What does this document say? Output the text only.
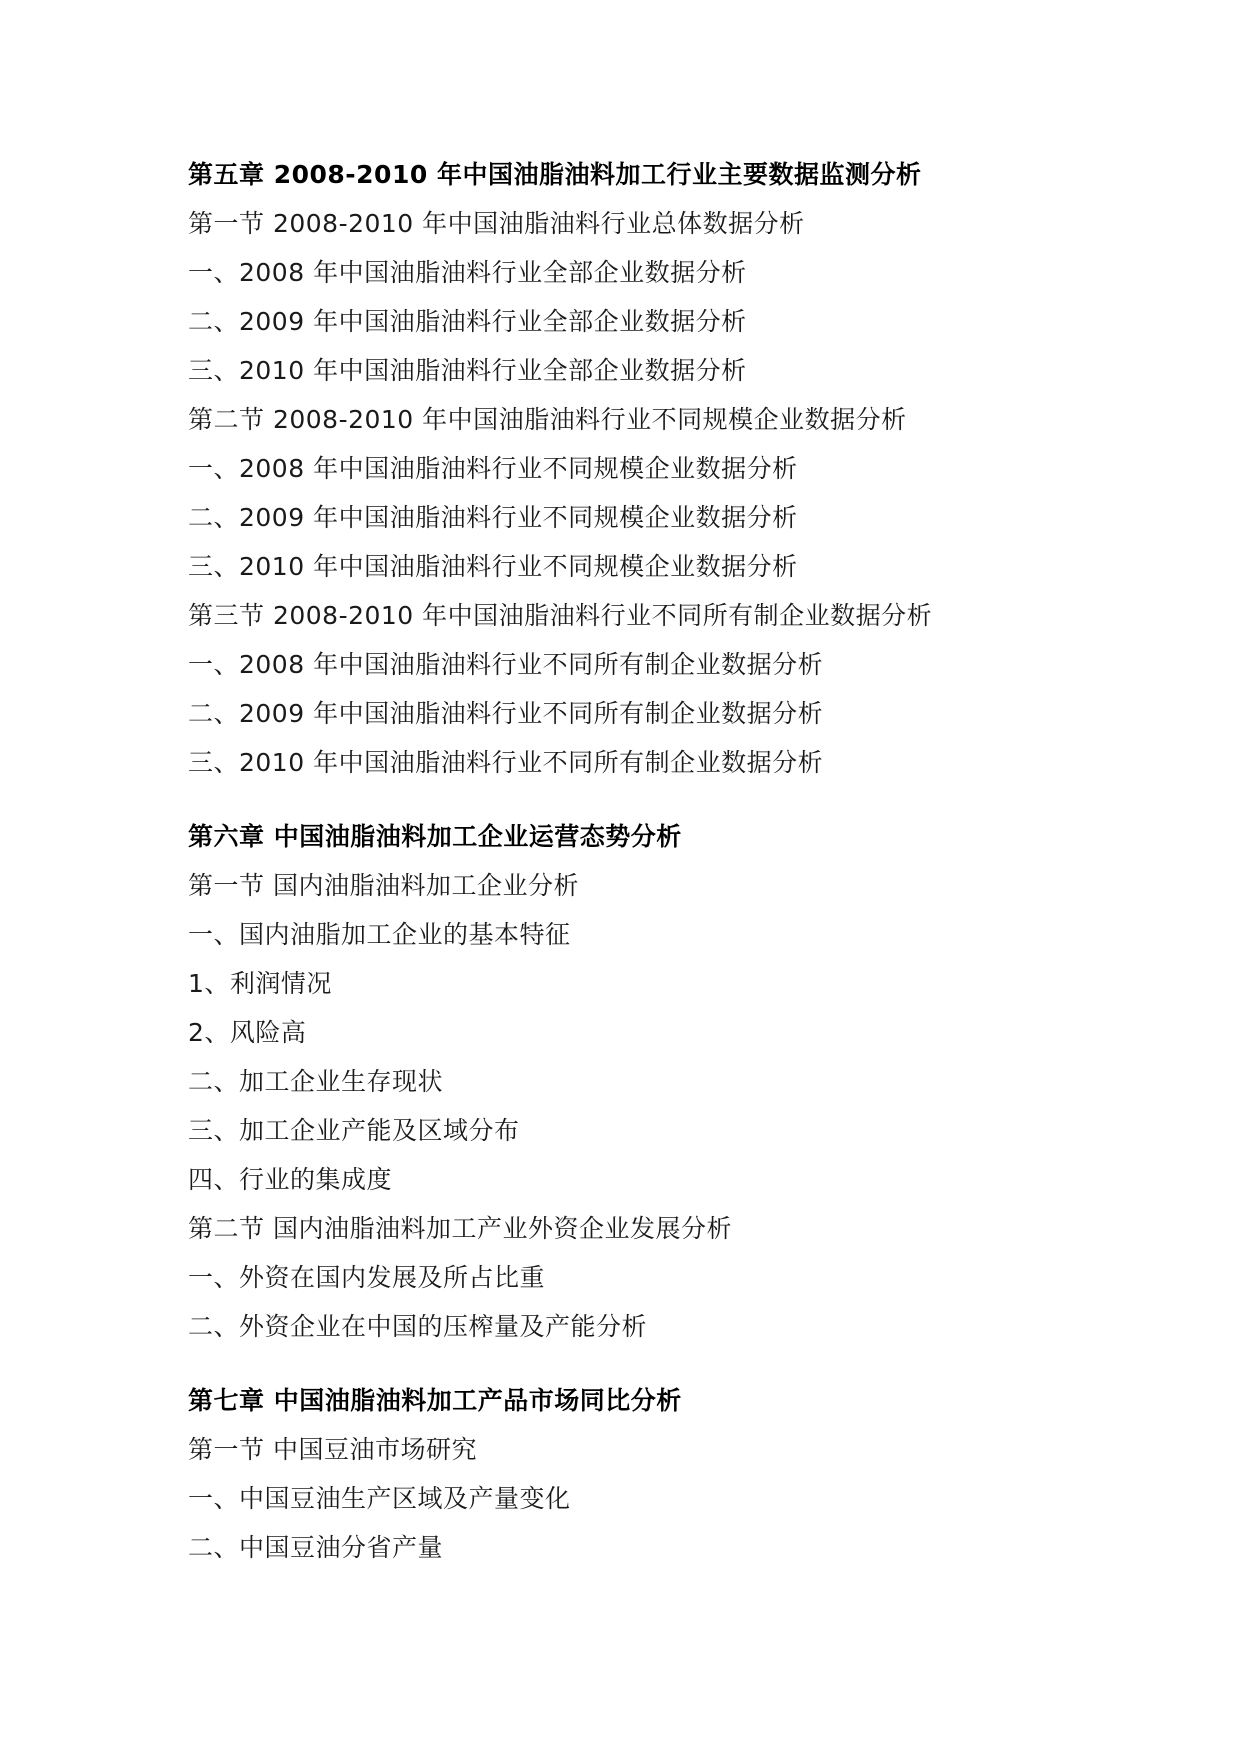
第五章 2008-2010 年中国油脂油料加工行业主要数据监测分析
第一节 2008-2010 年中国油脂油料行业总体数据分析
一、2008 年中国油脂油料行业全部企业数据分析
二、2009 年中国油脂油料行业全部企业数据分析
三、2010 年中国油脂油料行业全部企业数据分析
第二节 2008-2010 年中国油脂油料行业不同规模企业数据分析
一、2008 年中国油脂油料行业不同规模企业数据分析
二、2009 年中国油脂油料行业不同规模企业数据分析
三、2010 年中国油脂油料行业不同规模企业数据分析
第三节 2008-2010 年中国油脂油料行业不同所有制企业数据分析
一、2008 年中国油脂油料行业不同所有制企业数据分析
二、2009 年中国油脂油料行业不同所有制企业数据分析
三、2010 年中国油脂油料行业不同所有制企业数据分析
第六章 中国油脂油料加工企业运营态势分析
第一节 国内油脂油料加工企业分析
一、国内油脂加工企业的基本特征
1、利润情况
2、风险高
二、加工企业生存现状
三、加工企业产能及区域分布
四、行业的集成度
第二节 国内油脂油料加工产业外资企业发展分析
一、外资在国内发展及所占比重
二、外资企业在中国的压榨量及产能分析
第七章 中国油脂油料加工产品市场同比分析
第一节 中国豆油市场研究
一、中国豆油生产区域及产量变化
二、中国豆油分省产量
